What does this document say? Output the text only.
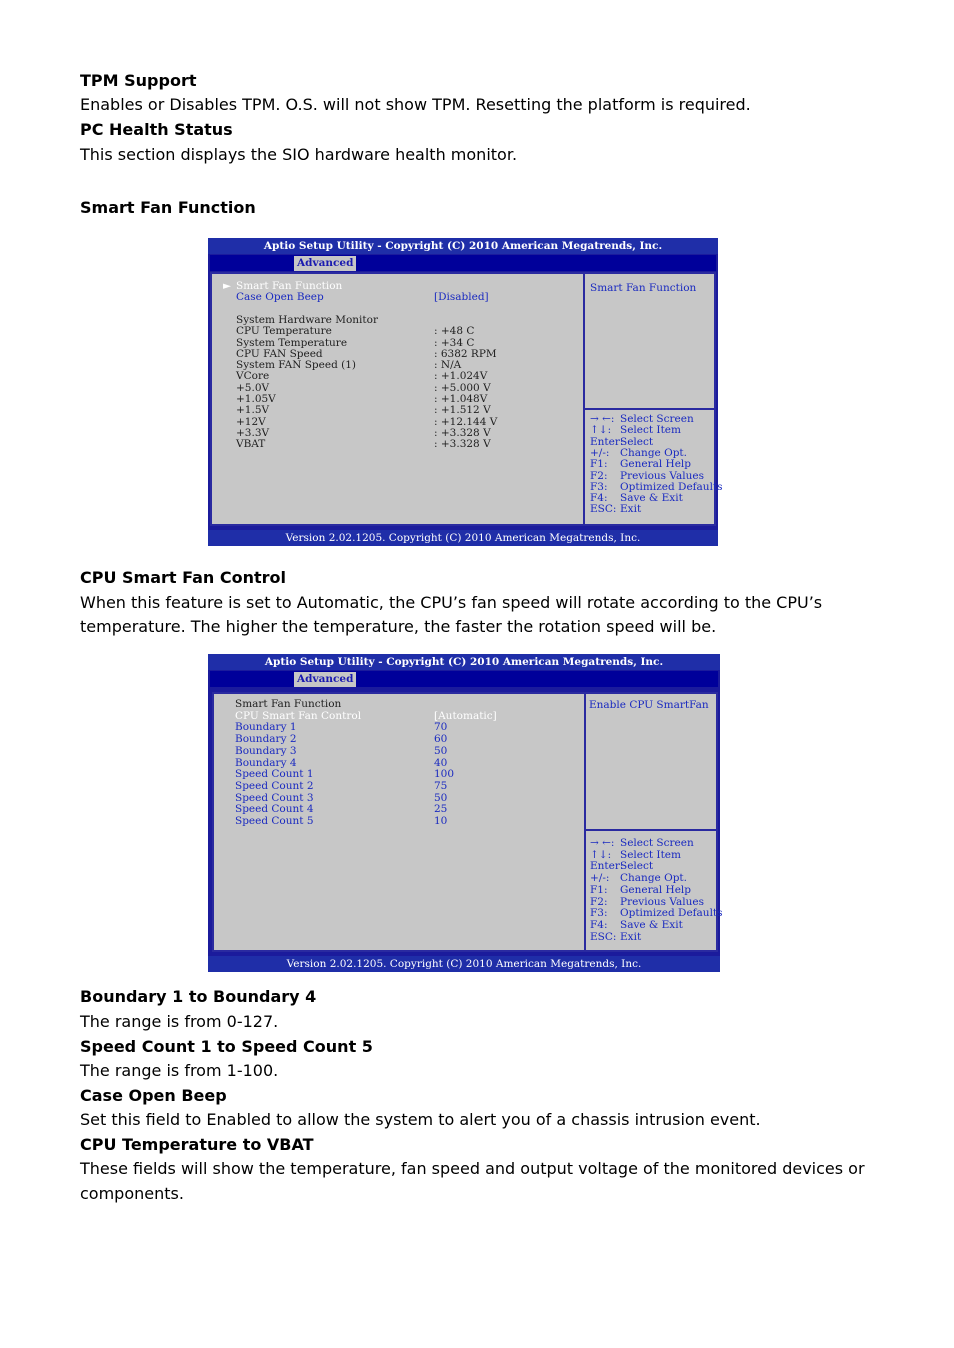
TPM Support
Enables or Disables TPM. O.S. will not show TPM. Resetting the platform is required.
PC Health Status
This section displays the SIO hardware health monitor.
Smart Fan Function
Aptio Setup Utility - Copyright (C) 2010 American Megatrends, Inc.
Advanced
► Smart Fan Function
Case Open Beep	[Disabled]
System Hardware Monitor
CPU Temperature	: +48 C
System Temperature	: +34 C
CPU FAN Speed	: 6382 RPM
System FAN Speed (1)	: N/A
VCore	: +1.024V
+5.0V	: +5.000 V
+1.05V	: +1.048V
+1.5V	: +1.512 V
+12V	: +12.144 V
+3.3V	: +3.328 V
VBAT	: +3.328 V
Smart Fan Function
→ ←: Select Screen
↑↓: Select Item
Enter:
Select
+/-: Change Opt.
F1: General Help
F2: Previous Values
F3: Optimized Defaults
F4: Save & Exit
ESC: Exit
Version 2.02.1205. Copyright (C) 2010 American Megatrends, Inc.
CPU Smart Fan Control
When this feature is set to Automatic, the CPU’s fan speed will rotate according to the CPU’s
temperature. The higher the temperature, the faster the rotation speed will be.
Aptio Setup Utility - Copyright (C) 2010 American Megatrends, Inc.
Advanced
Smart Fan Function
CPU Smart Fan Control	[Automatic]
Boundary 1	70
Boundary 2	60
Boundary 3	50
Boundary 4	40
Speed Count 1	100
Speed Count 2	75
Speed Count 3	50
Speed Count 4	25
Speed Count 5	10
Enable CPU SmartFan
→ ←: Select Screen
↑↓: Select Item
Enter:
Select
+/-: Change Opt.
F1: General Help
F2: Previous Values
F3: Optimized Defaults
F4: Save & Exit
ESC: Exit
Version 2.02.1205. Copyright (C) 2010 American Megatrends, Inc.
Boundary 1 to Boundary 4
The range is from 0-127.
Speed Count 1 to Speed Count 5
The range is from 1-100.
Case Open Beep
Set this field to Enabled to allow the system to alert you of a chassis intrusion event.
CPU Temperature to VBAT
These fields will show the temperature, fan speed and output voltage of the monitored devices or
components.
